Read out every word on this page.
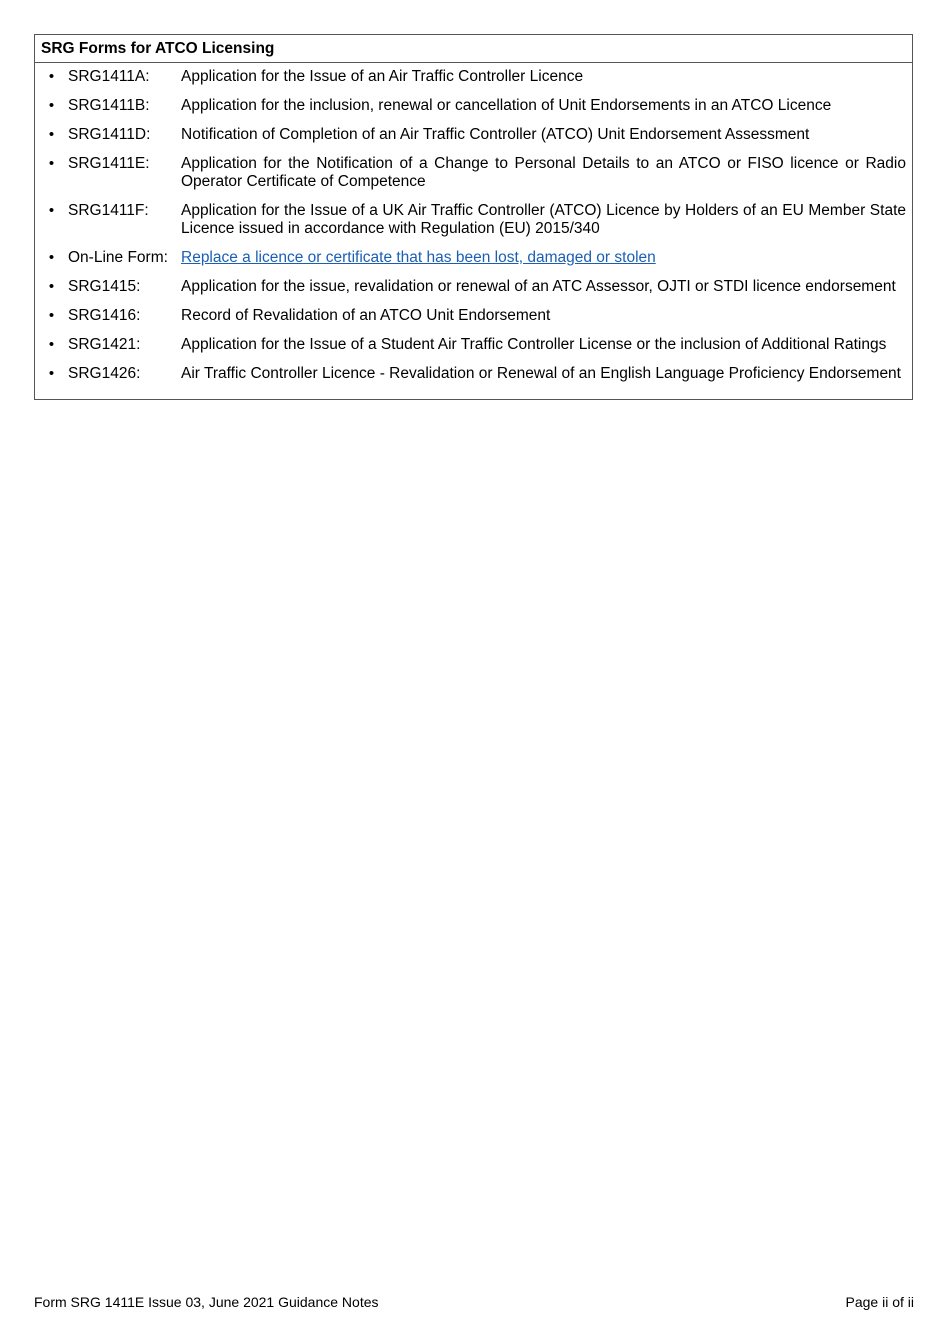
SRG Forms for ATCO Licensing
• SRG1411A:	Application for the Issue of an Air Traffic Controller Licence
• SRG1411B:	Application for the inclusion, renewal or cancellation of Unit Endorsements in an ATCO Licence
• SRG1411D:	Notification of Completion of an Air Traffic Controller (ATCO) Unit Endorsement Assessment
• SRG1411E:	Application for the Notification of a Change to Personal Details to an ATCO or FISO licence or Radio Operator Certificate of Competence
• SRG1411F:	Application for the Issue of a UK Air Traffic Controller (ATCO) Licence by Holders of an EU Member State Licence issued in accordance with Regulation (EU) 2015/340
• On-Line Form: Replace a licence or certificate that has been lost, damaged or stolen
• SRG1415:	Application for the issue, revalidation or renewal of an ATC Assessor, OJTI or STDI licence endorsement
• SRG1416:	Record of Revalidation of an ATCO Unit Endorsement
• SRG1421:	Application for the Issue of a Student Air Traffic Controller License or the inclusion of Additional Ratings
• SRG1426:	Air Traffic Controller Licence - Revalidation or Renewal of an English Language Proficiency Endorsement
Form SRG 1411E Issue 03, June 2021 Guidance Notes	Page ii of ii
